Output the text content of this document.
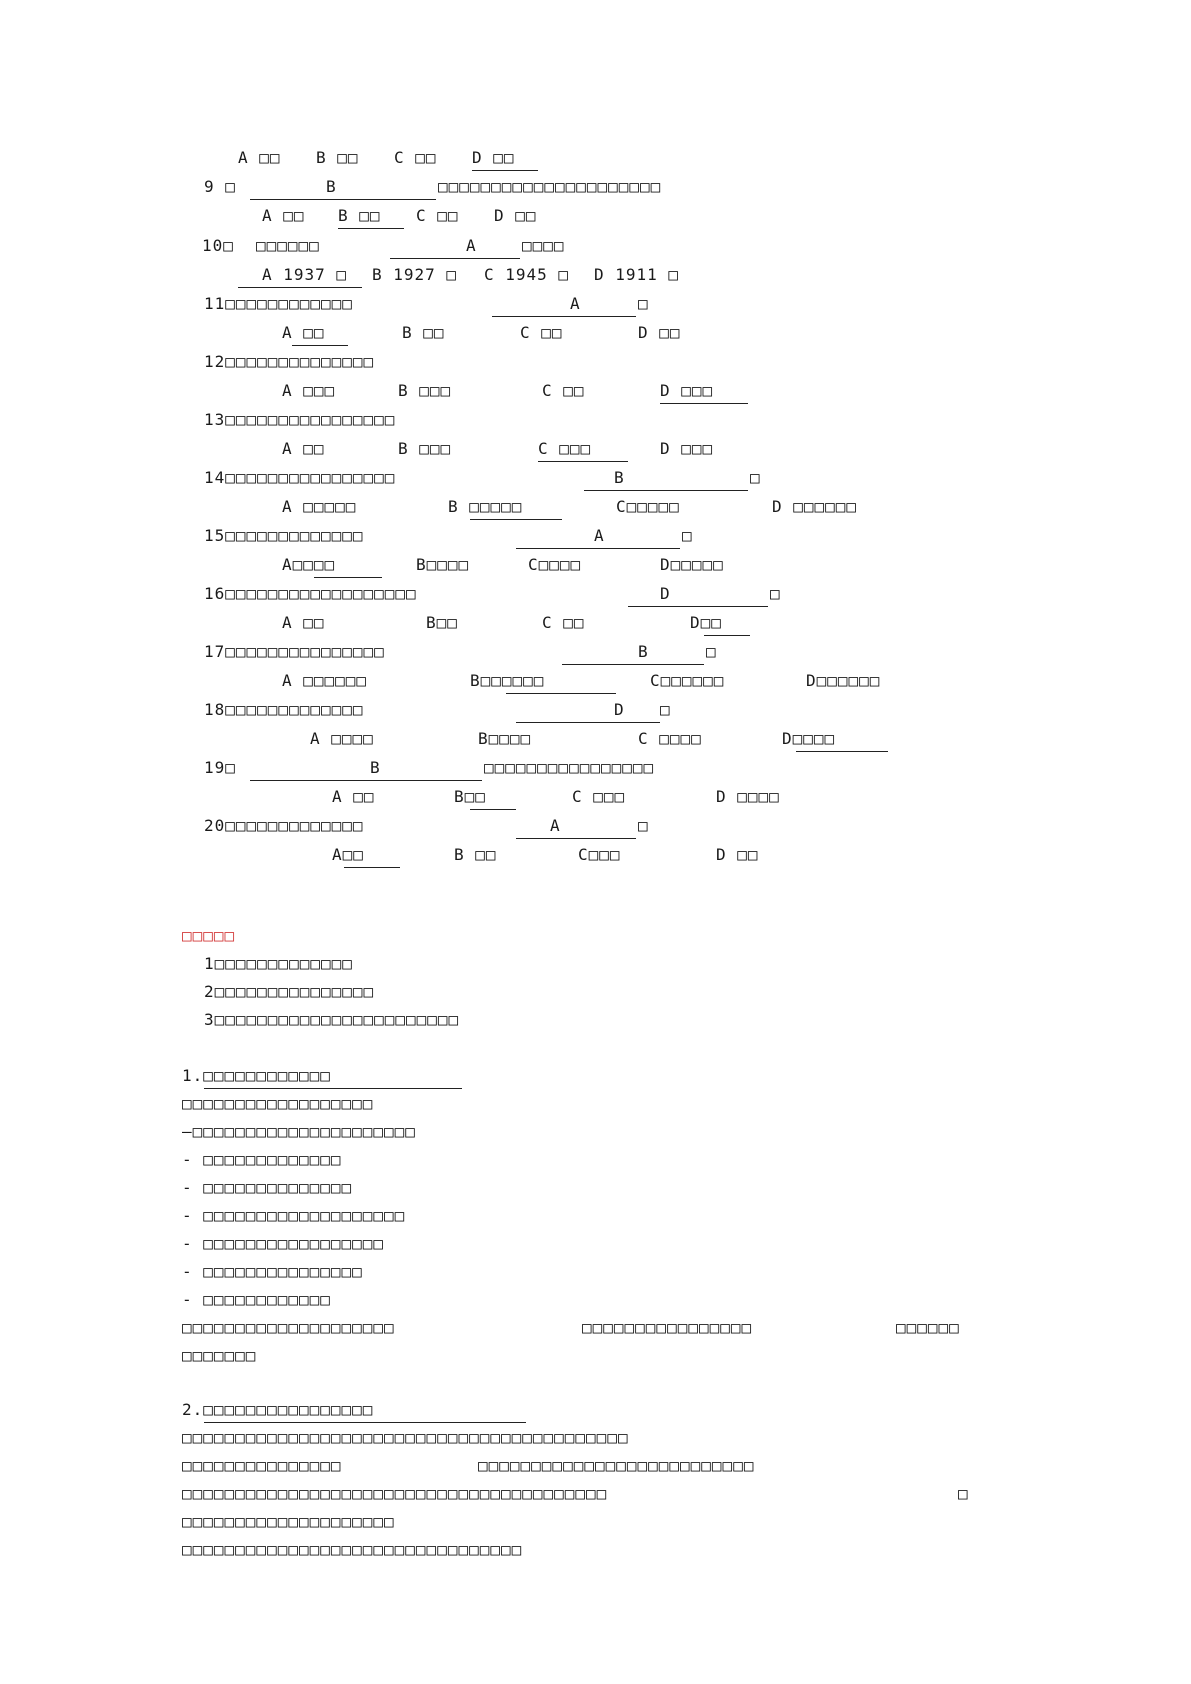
A □□ B □□ C □□ D □□
9 □	B	□□□□□□□□□□□□□□□□□□□□□
A □□ B □□ C □□ D □□
10□ □□□□□□	A	□□□□
A 1937 □ B 1927 □ C 1945 □ D 1911 □
11□□□□□□□□□□□□	A	□
A □□	B □□	C □□	D □□
12□□□□□□□□□□□□□□
A □□□	B □□□	C □□	D □□□
13□□□□□□□□□□□□□□□□
A □□	B □□□	C □□□	D □□□
14□□□□□□□□□□□□□□□□	B	□
A □□□□□	B □□□□□	C□□□□□	D □□□□□□
15□□□□□□□□□□□□□	A	□
A□□□□	B□□□□	C□□□□	D□□□□□
16□□□□□□□□□□□□□□□□□□	D	□
A □□	B□□	C □□	D□□
17□□□□□□□□□□□□□□□	B	□
A □□□□□□	B□□□□□□	C□□□□□□	D□□□□□□
18□□□□□□□□□□□□□	D □
A □□□□	B□□□□	C □□□□	D□□□□
19□	B	□□□□□□□□□□□□□□□□
A □□	B□□	C □□□	D □□□□
20□□□□□□□□□□□□□	A	□
A□□	B □□	C□□□	D □□
□□□□□
1□□□□□□□□□□□□□
2□□□□□□□□□□□□□□□
3□□□□□□□□□□□□□□□□□□□□□□□
1.□□□□□□□□□□□□
□□□□□□□□□□□□□□□□□□
–□□□□□□□□□□□□□□□□□□□□□
- □□□□□□□□□□□□□
- □□□□□□□□□□□□□□
- □□□□□□□□□□□□□□□□□□□
- □□□□□□□□□□□□□□□□□
- □□□□□□□□□□□□□□□
- □□□□□□□□□□□□
□□□□□□□□□□□□□□□□□□□□	□□□□□□□□□□□□□□□□	□□□□□□
□□□□□□□
2.□□□□□□□□□□□□□□□□
□□□□□□□□□□□□□□□□□□□□□□□□□□□□□□□□□□□□□□□□□□
□□□□□□□□□□□□□□□	□□□□□□□□□□□□□□□□□□□□□□□□□□
□□□□□□□□□□□□□□□□□□□□□□□□□□□□□□□□□□□□□□□□	□
□□□□□□□□□□□□□□□□□□□□
□□□□□□□□□□□□□□□□□□□□□□□□□□□□□□□□
